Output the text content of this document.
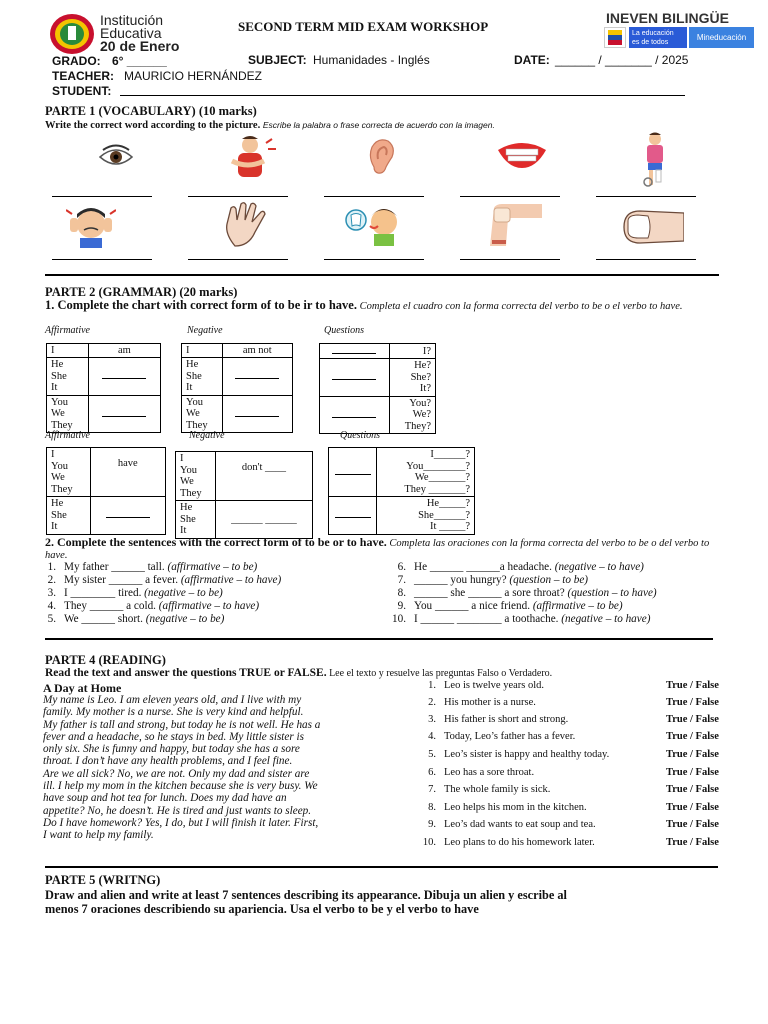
Institución
Educativa
20 de Enero
SECOND TERM MID EXAM WORKSHOP
INEVEN BILINGÜE
La educación
es de todos
Mineducación
GRADO: 6° ______	SUBJECT: Humanidades - Inglés	DATE: ______ / _______ / 2025
TEACHER: MAURICIO HERNÁNDEZ
STUDENT:
PARTE 1 (VOCABULARY) (10 marks)
Write the correct word according to the picture. Escribe la palabra o frase correcta de acuerdo con la imagen.
PARTE 2 (GRAMMAR) (20 marks)
1. Complete the chart with correct form of to be ir to have. Completa el cuadro con la forma correcta del verbo to be o el verbo to have.
Affirmative	Negative	Questions
I	am

He
She
It	

You
We
They	

I	am not

He
She
It	

You
We
They	

	I?

	He?
She?
It?

	You?
We?
They?
Affirmative	Negative	Questions
I
You
We
They	have

He
She
It	

I
You
We
They	don't ____

He
She
It	______ ______

	I______?
You________?
We_______?
They _______?

	He_____?
She______?
It _____?
2. Complete the sentences with the correct form of to be or to have. Completa las oraciones con la forma correcta del verbo to be o del verbo to have.
1. My father ______ tall. (affirmative – to be)
2. My sister ______ a fever. (affirmative – to have)
3. I ________ tired. (negative – to be)
4. They ______ a cold. (affirmative – to have)
5. We ______ short. (negative – to be)
6. He ______ ______a headache. (negative – to have)
7. ______ you hungry? (question – to be)
8. ______ she ______ a sore throat? (question – to have)
9. You ______ a nice friend. (affirmative – to be)
10. I ______ ________ a toothache. (negative – to have)
PARTE 4 (READING)
Read the text and answer the questions TRUE or FALSE. Lee el texto y resuelve las preguntas Falso o Verdadero.
A Day at Home
My name is Leo. I am eleven years old, and I live with my
family. My mother is a nurse. She is very kind and helpful.
My father is tall and strong, but today he is not well. He has a
fever and a headache, so he stays in bed. My little sister is
only six. She is funny and happy, but today she has a sore
throat. I don’t have any health problems, and I feel fine.
Are we all sick? No, we are not. Only my dad and sister are
ill. I help my mom in the kitchen because she is very busy. We
have soup and hot tea for lunch. Does my dad have an
appetite? No, he doesn’t. He is tired and just wants to sleep.
Do I have homework? Yes, I do, but I will finish it later. First,
I want to help my family.
1. Leo is twelve years old.	True / False
2. His mother is a nurse.	True / False
3. His father is short and strong.	True / False
4. Today, Leo’s father has a fever.	True / False
5. Leo’s sister is happy and healthy today.	True / False
6. Leo has a sore throat.	True / False
7. The whole family is sick.	True / False
8. Leo helps his mom in the kitchen.	True / False
9. Leo’s dad wants to eat soup and tea.	True / False
10. Leo plans to do his homework later.	True / False
PARTE 5 (WRITNG)
Draw and alien and write at least 7 sentences describing its appearance. Dibuja un alien y escribe al
menos 7 oraciones describiendo su apariencia. Usa el verbo to be y el verbo to have
